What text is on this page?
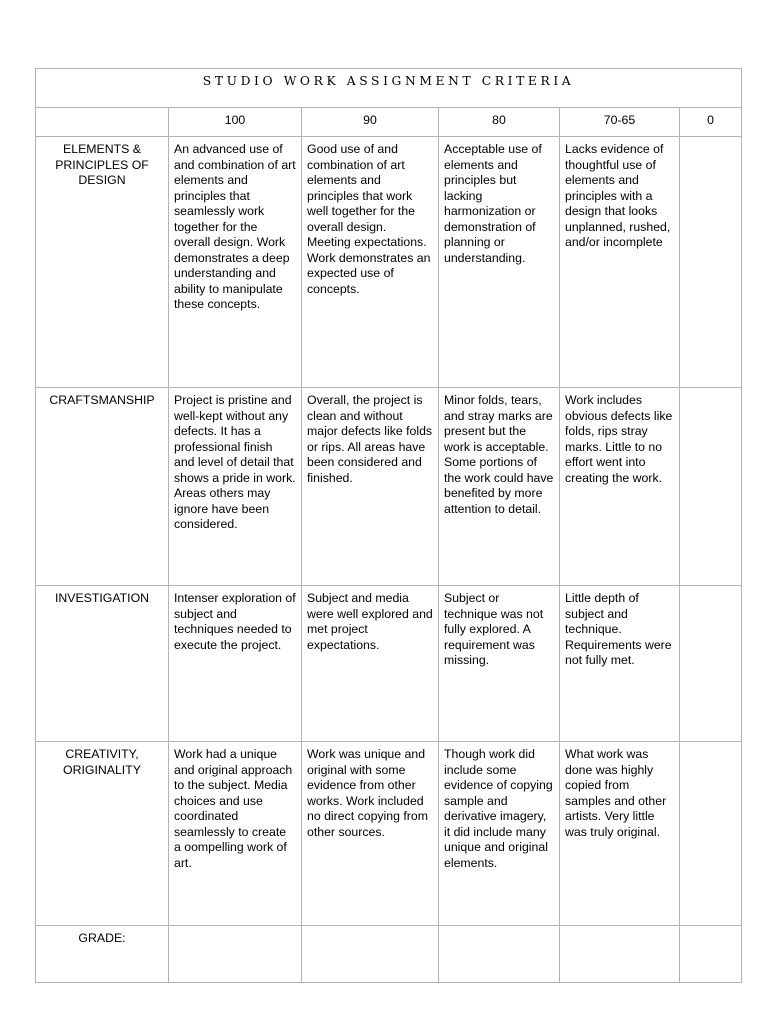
STUDIO WORK ASSIGNMENT CRITERIA					
	100	90	80	70-65	0
ELEMENTS & PRINCIPLES OF DESIGN	An advanced use of and combination of art elements and principles that seamlessly work together for the overall design. Work demonstrates a deep understanding and ability to manipulate these concepts.	Good use of and combination of art elements and principles that work well together for the overall design. Meeting expectations. Work demonstrates an expected use of concepts.	Acceptable use of elements and principles but lacking harmonization or demonstration of planning or understanding.	Lacks evidence of thoughtful use of elements and principles with a design that looks unplanned, rushed, and/or incomplete	
CRAFTSMANSHIP	Project is pristine and well-kept without any defects. It has a professional finish and level of detail that shows a pride in work. Areas others may ignore have been considered.	Overall, the project is clean and without major defects like folds or rips. All areas have been considered and finished.	Minor folds, tears, and stray marks are present but the work is acceptable. Some portions of the work could have benefited by more attention to detail.	Work includes obvious defects like folds, rips stray marks. Little to no effort went into creating the work.	
INVESTIGATION	Intenser exploration of subject and techniques needed to execute the project.	Subject and media were well explored and met project expectations.	Subject or technique was not fully explored. A requirement was missing.	Little depth of subject and technique. Requirements were not fully met.	
CREATIVITY, ORIGINALITY	Work had a unique and original approach to the subject. Media choices and use coordinated seamlessly to create a oompelling work of art.	Work was unique and original with some evidence from other works. Work included no direct copying from other sources.	Though work did include some evidence of copying sample and derivative imagery, it did include many unique and original elements.	What work was done was highly copied from samples and other artists. Very little was truly original.	
GRADE:					
